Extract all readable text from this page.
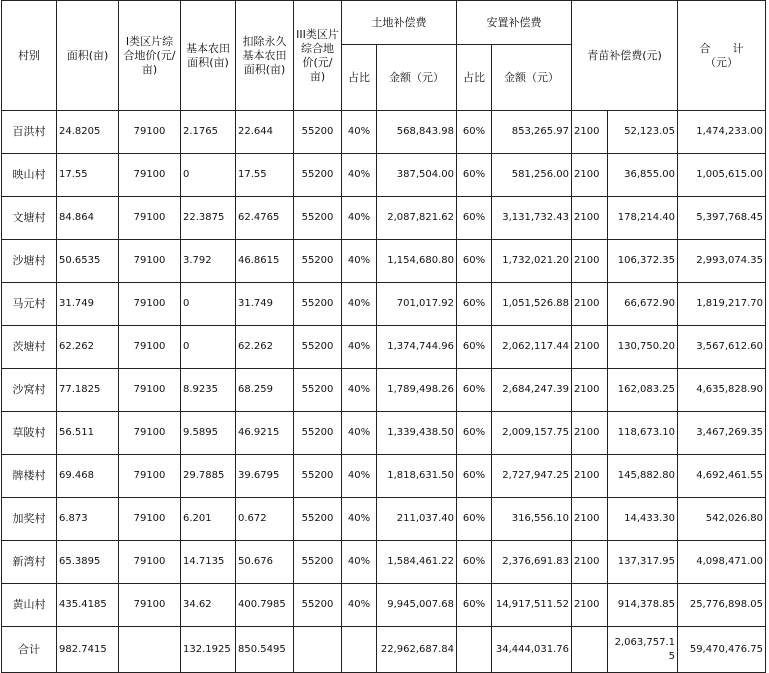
村别	面积(亩)	I类区片综合地价(元/亩)	基本农田面积(亩)	扣除永久基本农田面积(亩)	III类区片综合地价(元/亩)	土地补偿费		安置补偿费		青苗补偿费(元)		合　　计
（元）
						占比	金额（元）	占比	金额（元）			
百洪村	24.8205	79100	2.1765	22.644	55200	40%	568,843.98	60%	853,265.97	2100	52,123.05	1,474,233.00
映山村	17.55	79100	0	17.55	55200	40%	387,504.00	60%	581,256.00	2100	36,855.00	1,005,615.00
文塘村	84.864	79100	22.3875	62.4765	55200	40%	2,087,821.62	60%	3,131,732.43	2100	178,214.40	5,397,768.45
沙塘村	50.6535	79100	3.792	46.8615	55200	40%	1,154,680.80	60%	1,732,021.20	2100	106,372.35	2,993,074.35
马元村	31.749	79100	0	31.749	55200	40%	701,017.92	60%	1,051,526.88	2100	66,672.90	1,819,217.70
茨塘村	62.262	79100	0	62.262	55200	40%	1,374,744.96	60%	2,062,117.44	2100	130,750.20	3,567,612.60
沙窝村	77.1825	79100	8.9235	68.259	55200	40%	1,789,498.26	60%	2,684,247.39	2100	162,083.25	4,635,828.90
草陂村	56.511	79100	9.5895	46.9215	55200	40%	1,339,438.50	60%	2,009,157.75	2100	118,673.10	3,467,269.35
牌楼村	69.468	79100	29.7885	39.6795	55200	40%	1,818,631.50	60%	2,727,947.25	2100	145,882.80	4,692,461.55
加奖村	6.873	79100	6.201	0.672	55200	40%	211,037.40	60%	316,556.10	2100	14,433.30	542,026.80
新湾村	65.3895	79100	14.7135	50.676	55200	40%	1,584,461.22	60%	2,376,691.83	2100	137,317.95	4,098,471.00
黄山村	435.4185	79100	34.62	400.7985	55200	40%	9,945,007.68	60%	14,917,511.52	2100	914,378.85	25,776,898.05
合计	982.7415		132.1925	850.5495			22,962,687.84		34,444,031.76		2,063,757.15	59,470,476.75
